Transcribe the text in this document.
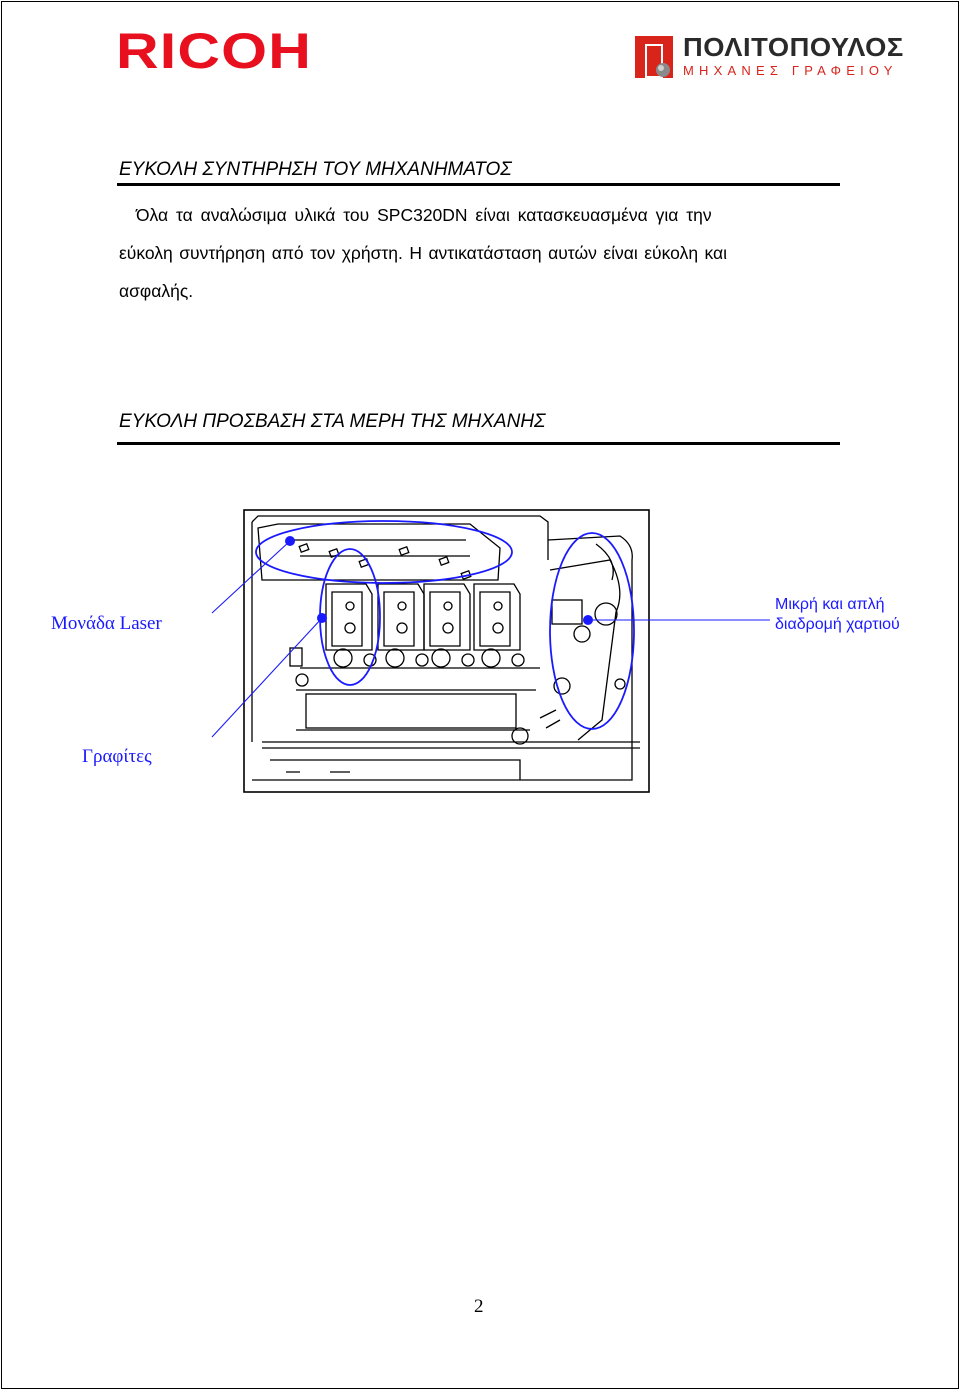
RICOH	ΠΟΛΙΤΟΠΟΥΛΟΣ
ΜΗΧΑΝΕΣ ΓΡΑΦΕΙΟΥ
ΕΥΚΟΛΗ ΣΥΝΤΗΡΗΣΗ ΤΟΥ ΜΗΧΑΝΗΜΑΤΟΣ
Όλα τα αναλώσιμα υλικά του SPC320DN είναι κατασκευασμένα για την
εύκολη συντήρηση από τον χρήστη. Η αντικατάσταση αυτών είναι εύκολη και
ασφαλής.
ΕΥΚΟΛΗ ΠΡΟΣΒΑΣΗ ΣΤΑ ΜΕΡΗ ΤΗΣ ΜΗΧΑΝΗΣ
Μονάδα Laser
Γραφίτες
Μικρή και απλή
διαδρομή χαρτιού
2
